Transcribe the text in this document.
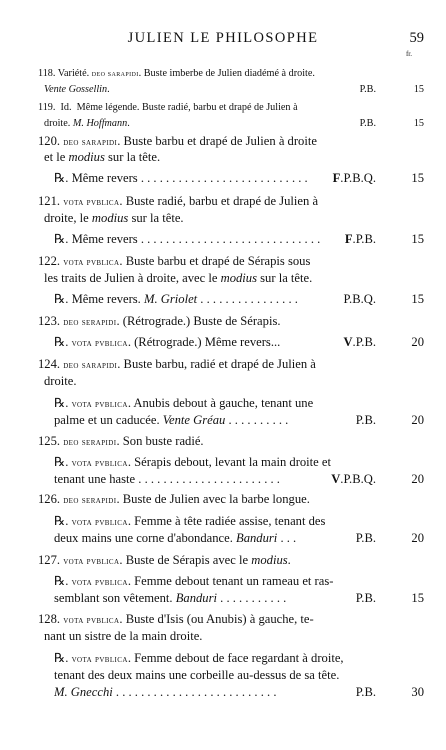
JULIEN LE PHILOSOPHE	59
fr.
118. Variété. deo sarapidi. Buste imberbe de Julien diadémé à droite.
Vente Gossellin.	P.B.	15
119.  Id.  Même légende. Buste radié, barbu et drapé de Julien à
droite. M. Hoffmann.	P.B.	15
120. deo sarapidi. Buste barbu et drapé de Julien à droite
et le modius sur la tête.
℞. Même revers . . . . . . . . . . . . . . . . . . . . . . . . . . .	F.P.B.Q.	15
121. vota pvblica. Buste radié, barbu et drapé de Julien à
droite, le modius sur la tête.
℞. Même revers . . . . . . . . . . . . . . . . . . . . . . . . . . . . .	F.P.B.	15
122. vota pvblica. Buste barbu et drapé de Sérapis sous
les traits de Julien à droite, avec le modius sur la tête.
℞. Même revers. M. Griolet . . . . . . . . . . . . . . . .	P.B.Q.	15
123. deo serapidi. (Rétrograde.) Buste de Sérapis.
℞. vota pvblica. (Rétrograde.) Même revers...	V.P.B.	20
124. deo sarapidi. Buste barbu, radié et drapé de Julien à
droite.
℞. vota pvblica. Anubis debout à gauche, tenant une
palme et un caducée. Vente Gréau . . . . . . . . . .	P.B.	20
125. deo serapidi. Son buste radié.
℞. vota pvblica. Sérapis debout, levant la main droite et
tenant une haste . . . . . . . . . . . . . . . . . . . . . . .	V.P.B.Q.	20
126. deo serapidi. Buste de Julien avec la barbe longue.
℞. vota pvblica. Femme à tête radiée assise, tenant des
deux mains une corne d'abondance. Banduri . . .	P.B.	20
127. vota pvblica. Buste de Sérapis avec le modius.
℞. vota pvblica. Femme debout tenant un rameau et ras-
semblant son vêtement. Banduri . . . . . . . . . . .	P.B.	15
128. vota pvblica. Buste d'Isis (ou Anubis) à gauche, te-
nant un sistre de la main droite.
℞. vota pvblica. Femme debout de face regardant à droite,
tenant des deux mains une corbeille au-dessus de sa tête.
M. Gnecchi . . . . . . . . . . . . . . . . . . . . . . . . . .	P.B.	30
